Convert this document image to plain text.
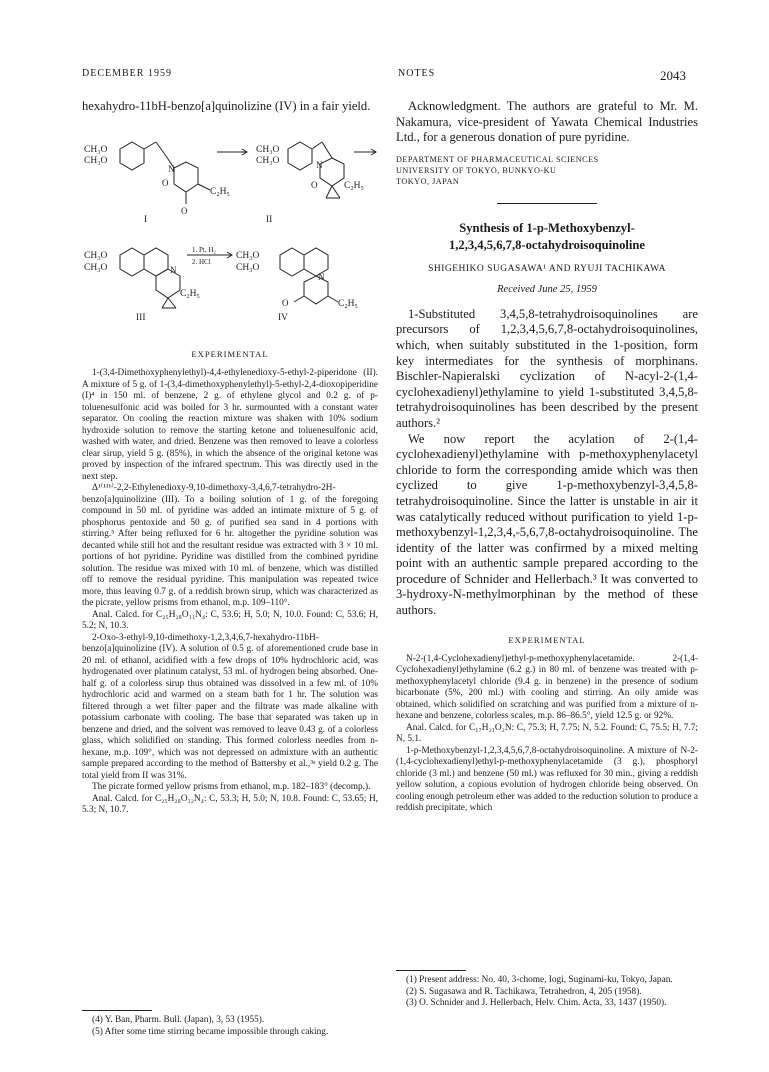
DECEMBER 1959	NOTES	2043

hexahydro-11bH-benzo[a]quinolizine (IV) in a fair yield.

CH₃O
CH₃O
N
O
O
C₂H₅
CH₃O
CH₃O	N
O	C₂H₅
I	II
CH₃O
CH₃O	N
C₂H₅
1. Pt, H₂
2. HCl
CH₃O
CH₃O
N
O	C₂H₅
III	IV
EXPERIMENTAL

1-(3,4-Dimethoxyphenylethyl)-4,4-ethylenedioxy-5-ethyl-2-piperidone (II). A mixture of 5 g. of 1-(3,4-dimethoxyphenylethyl)-5-ethyl-2,4-dioxopiperidine (I)⁴ in 150 ml. of benzene, 2 g. of ethylene glycol and 0.2 g. of p-toluenesulfonic acid was boiled for 3 hr. surmounted with a constant water separator. On cooling the reaction mixture was shaken with 10% sodium hydroxide solution to remove the starting ketone and toluenesulfonic acid, washed with water, and dried. Benzene was then removed to leave a colorless clear sirup, yield 5 g. (85%), in which the absence of the original ketone was proved by inspection of the infrared spectrum. This was directly used in the next step.

Δ¹⁽¹¹ᵇ⁾-2,2-Ethylenedioxy-9,10-dimethoxy-3,4,6,7-tetrahydro-2H-benzo[a]quinolizine (III). To a boiling solution of 1 g. of the foregoing compound in 50 ml. of pyridine was added an intimate mixture of 5 g. of phosphorus pentoxide and 50 g. of purified sea sand in 4 portions with stirring.⁵ After being refluxed for 6 hr. altogether the pyridine solution was decanted while still hot and the resultant residue was extracted with 3 × 10 ml. portions of hot pyridine. Pyridine was distilled from the combined pyridine solution. The residue was mixed with 10 ml. of benzene, which was distilled off to remove the residual pyridine. This manipulation was repeated twice more, thus leaving 0.7 g. of a reddish brown sirup, which was characterized as the picrate, yellow prisms from ethanol, m.p. 109–110°.

Anal. Calcd. for C₂₅H₂₈O₁₁N₄: C, 53.6; H, 5.0; N, 10.0. Found: C, 53.6; H, 5.2; N, 10.3.

2-Oxo-3-ethyl-9,10-dimethoxy-1,2,3,4,6,7-hexahydro-11bH-benzo[a]quinolizine (IV). A solution of 0.5 g. of aforementioned crude base in 20 ml. of ethanol, acidified with a few drops of 10% hydrochloric acid, was hydrogenated over platinum catalyst, 53 ml. of hydrogen being absorbed. One-half g. of a colorless sirup thus obtained was dissolved in a few ml. of 10% hydrochloric acid and warmed on a steam bath for 1 hr. The solution was filtered through a wet filter paper and the filtrate was made alkaline with potassium carbonate with cooling. The base that separated was taken up in benzene and dried, and the solvent was removed to leave 0.43 g. of a colorless glass, which solidified on standing. This formed colorless needles from n-hexane, m.p. 109°, which was not depressed on admixture with an authentic sample prepared according to the method of Battersby et al.,³ᵃ yield 0.2 g. The total yield from II was 31%.

The picrate formed yellow prisms from ethanol, m.p. 182–183° (decomp.).

Anal. Calcd. for C₂₅H₂₈O₁₂N₄: C, 53.3; H, 5.0; N, 10.8. Found: C, 53.65; H, 5.3; N, 10.7.

(4) Y. Ban, Pharm. Bull. (Japan), 3, 53 (1955).

(5) After some time stirring became impossible through caking.

Acknowledgment. The authors are grateful to Mr. M. Nakamura, vice-president of Yawata Chemical Industries Ltd., for a generous donation of pure pyridine.

DEPARTMENT OF PHARMACEUTICAL SCIENCES
UNIVERSITY OF TOKYO, BUNKYO-KU
TOKYO, JAPAN
Synthesis of 1-p-Methoxybenzyl-
1,2,3,4,5,6,7,8-octahydroisoquinoline
SHIGEHIKO SUGASAWA¹ AND RYUJI TACHIKAWA
Received June 25, 1959

1-Substituted 3,4,5,8-tetrahydroisoquinolines are precursors of 1,2,3,4,5,6,7,8-octahydroisoquinolines, which, when suitably substituted in the 1-position, form key intermediates for the synthesis of morphinans. Bischler-Napieralski cyclization of N-acyl-2-(1,4-cyclohexadienyl)ethylamine to yield 1-substituted 3,4,5,8-tetrahydroisoquinolines has been described by the present authors.²

We now report the acylation of 2-(1,4-cyclohexadienyl)ethylamine with p-methoxyphenylacetyl chloride to form the corresponding amide which was then cyclized to give 1-p-methoxybenzyl-3,4,5,8-tetrahydroisoquinoline. Since the latter is unstable in air it was catalytically reduced without purification to yield 1-p-methoxybenzyl-1,2,3,4,-5,6,7,8-octahydroisoquinoline. The identity of the latter was confirmed by a mixed melting point with an authentic sample prepared according to the procedure of Schnider and Hellerbach.³ It was converted to 3-hydroxy-N-methylmorphinan by the method of these authors.

EXPERIMENTAL

N-2-(1,4-Cyclohexadienyl)ethyl-p-methoxyphenylacetamide. 2-(1,4-Cyclohexadienyl)ethylamine (6.2 g.) in 80 ml. of benzene was treated with p-methoxyphenylacetyl chloride (9.4 g. in benzene) in the presence of sodium bicarbonate (5%, 200 ml.) with cooling and stirring. An oily amide was obtained, which solidified on scratching and was purified from a mixture of n-hexane and benzene, colorless scales, m.p. 86–86.5°, yield 12.5 g. or 92%.

Anal. Calcd. for C₁₇H₂₁O₂N: C, 75.3; H, 7.75; N, 5.2. Found: C, 75.5; H, 7.7; N, 5.1.

1-p-Methoxybenzyl-1,2,3,4,5,6,7,8-octahydroisoquinoline. A mixture of N-2-(1,4-cyclohexadienyl)ethyl-p-methoxyphenylacetamide (3 g.), phosphoryl chloride (3 ml.) and benzene (50 ml.) was refluxed for 30 min., giving a reddish yellow solution, a copious evolution of hydrogen chloride being observed. On cooling enough petroleum ether was added to the reduction solution to produce a reddish precipitate, which

(1) Present address: No. 40, 3-chome, Iogi, Suginami-ku, Tokyo, Japan.

(2) S. Sugasawa and R. Tachikawa, Tetrahedron, 4, 205 (1958).

(3) O. Schnider and J. Hellerbach, Helv. Chim. Acta, 33, 1437 (1950).
